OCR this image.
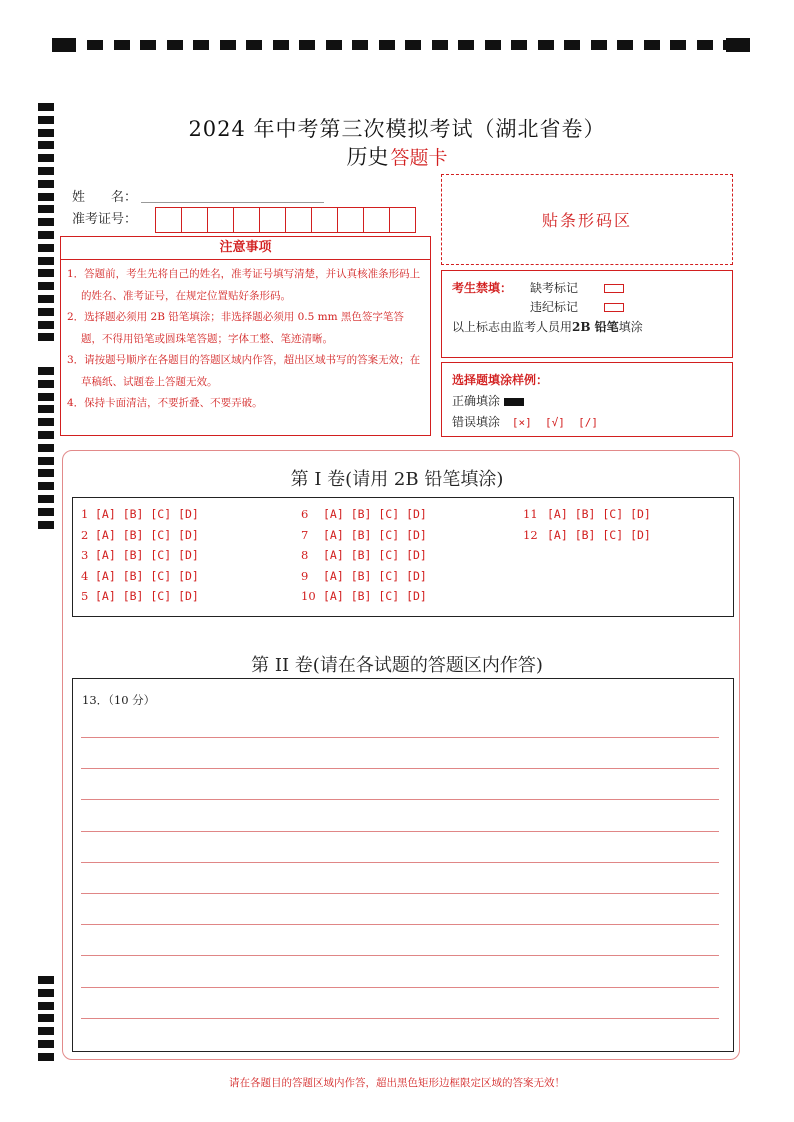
2024 年中考第三次模拟考试（湖北省卷）
历史 答题卡
姓　　名：
准考证号：	贴条形码区
注意事项
1．答题前，考生先将自己的姓名，准考证号填写清楚，并认真核准条形码上的姓名、准考证号，在规定位置贴好条形码。
2．选择题必须用 2B 铅笔填涂；非选择题必须用 0.5 mm 黑色签字笔答题，不得用铅笔或圆珠笔答题；字体工整、笔迹清晰。
3．请按题号顺序在各题目的答题区域内作答，超出区域书写的答案无效；在草稿纸、试题卷上答题无效。
4．保持卡面清洁，不要折叠、不要弄破。
考生禁填： 缺考标记
违纪标记
以上标志由监考人员用2B 铅笔填涂
选择题填涂样例：
正确填涂
错误填涂 [×]  [√]  [/]
第 I 卷(请用 2B 铅笔填涂)
1 [A] [B] [C] [D]
2 [A] [B] [C] [D]
3 [A] [B] [C] [D]
4 [A] [B] [C] [D]
5 [A] [B] [C] [D]
6 [A] [B] [C] [D]
7 [A] [B] [C] [D]
8 [A] [B] [C] [D]
9 [A] [B] [C] [D]
10 [A] [B] [C] [D]
11 [A] [B] [C] [D]
12 [A] [B] [C] [D]
第 II 卷(请在各试题的答题区内作答)
13．（10 分）
请在各题目的答题区域内作答，超出黑色矩形边框限定区域的答案无效！
